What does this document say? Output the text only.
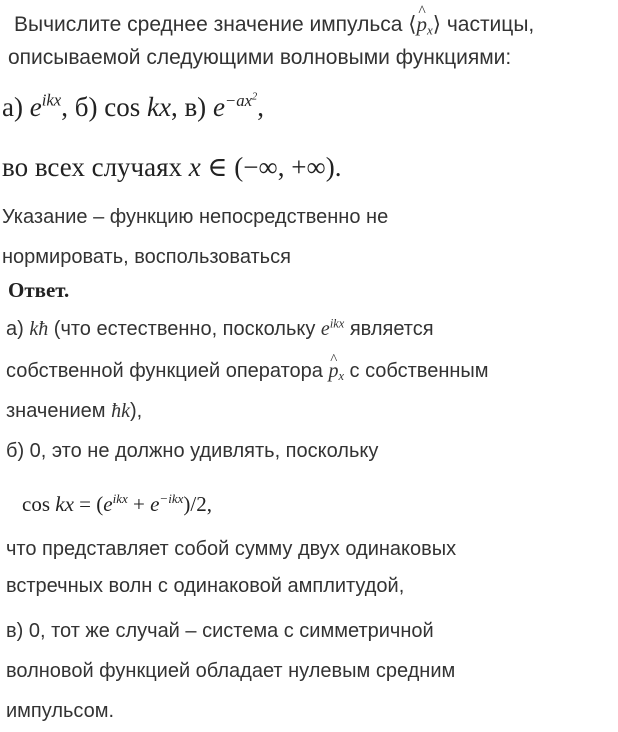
Вычислите среднее значение импульса ⟨^ $p_x⟩$ частицы,
описываемой следующими волновыми функциями:
а) $e^{ikx}$, б) cos kx, в) $e^{-ax^2}$,
во всех случаях x ∈ (−∞, +∞).
Указание – функцию непосредственно не
нормировать, воспользоваться
Ответ.
а) kħ (что естественно, поскольку $e^{ikx}$ является
собственной функцией оператора ^ $p_x$ с собственным
значением ħk),
б) 0, это не должно удивлять, поскольку
cos kx = $(e^{ikx} + e^{-ikx})/2$,
что представляет собой сумму двух одинаковых
встречных волн с одинаковой амплитудой,
в) 0, тот же случай – система с симметричной
волновой функцией обладает нулевым средним
импульсом.
